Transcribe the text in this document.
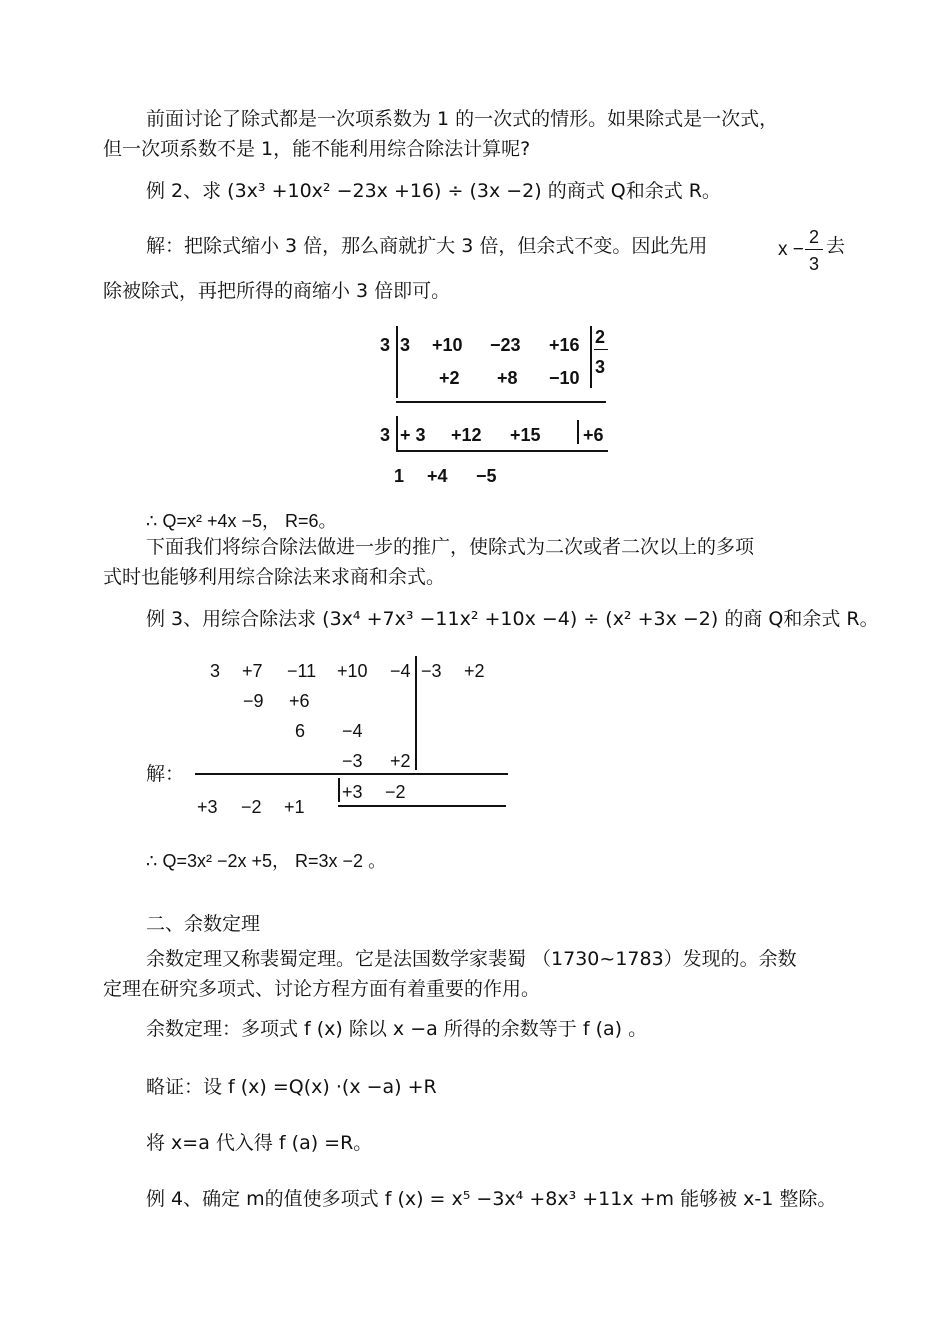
前面讨论了除式都是一次项系数为 1 的一次式的情形。如果除式是一次式，
但一次项系数不是 1，能不能利用综合除法计算呢?
例 2、求 (3x³ +10x² −23x +16) ÷ (3x −2) 的商式 Q和余式 R。
解：把除式缩小 3 倍，那么商就扩大 3 倍，但余式不变。因此先用	x −
2
3
去
除被除式，再把所得的商缩小 3 倍即可。
3 3 +10 −23 +16 2
3
+2 +8 −10
3 + 3 +12 +15 +6
1 +4 −5
∴ Q=x² +4x −5， R=6。
下面我们将综合除法做进一步的推广，使除式为二次或者二次以上的多项
式时也能够利用综合除法来求商和余式。
例 3、用综合除法求 (3x⁴ +7x³ −11x² +10x −4) ÷ (x² +3x −2) 的商 Q和余式 R。
3 +7 −11 +10 −4 −3 +2
−9 +6
6 −4
−3 +2
解：
+3 −2
+3 −2 +1
∴ Q=3x² −2x +5， R=3x −2 。
二、余数定理
余数定理又称裴蜀定理。它是法国数学家裴蜀 （1730~1783）发现的。余数
定理在研究多项式、讨论方程方面有着重要的作用。
余数定理：多项式 f (x) 除以 x −a 所得的余数等于 f (a) 。
略证：设 f (x) =Q(x) ·(x −a) +R
将 x=a 代入得 f (a) =R。
例 4、确定 m的值使多项式 f (x) = x⁵ −3x⁴ +8x³ +11x +m 能够被 x-1 整除。
